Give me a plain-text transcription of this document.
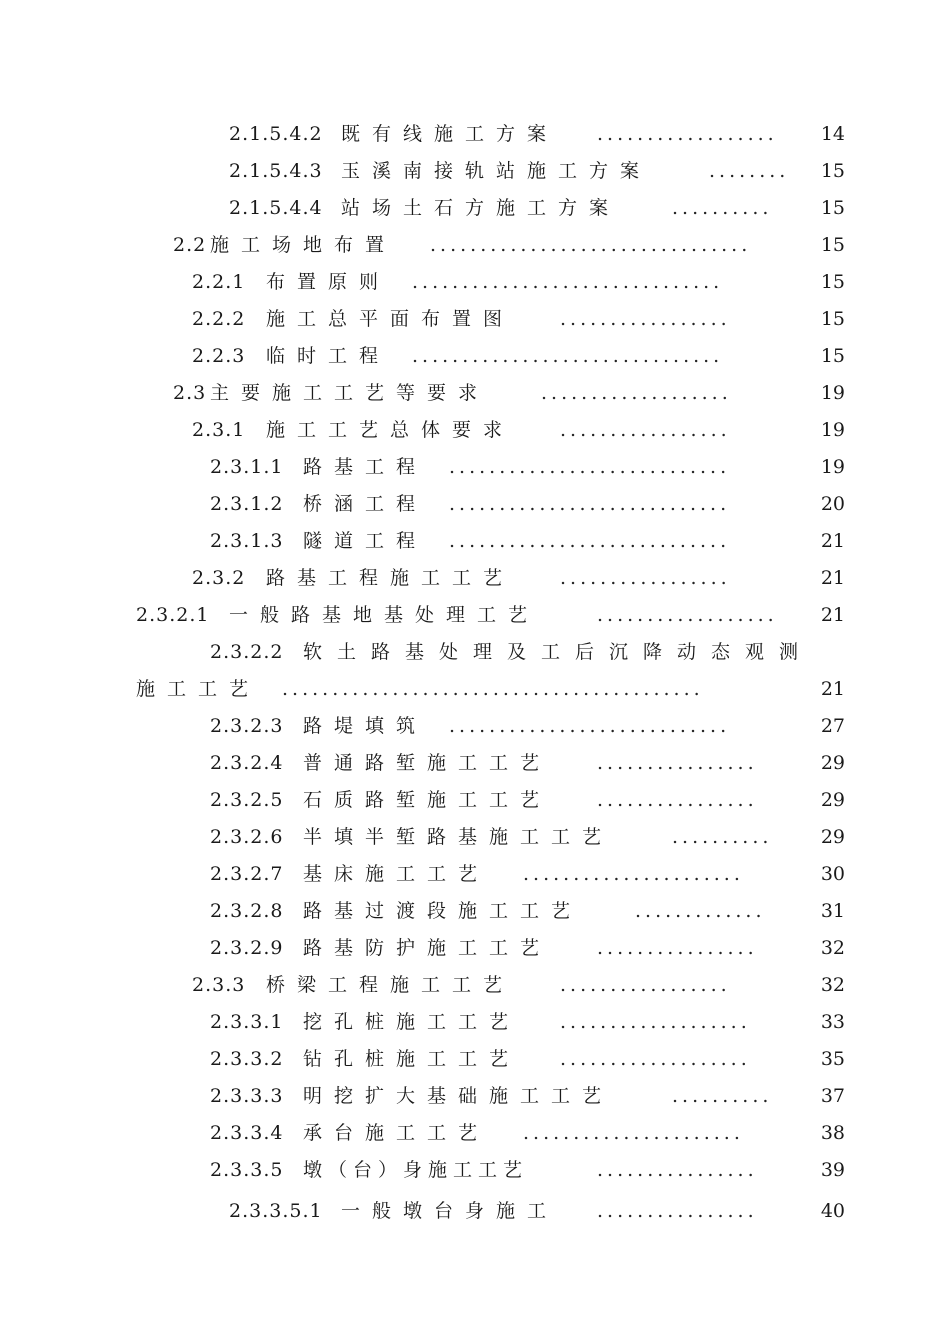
2.1.5.4.2 既有线施工方案 .................. 14
2.1.5.4.3 玉溪南接轨站施工方案	........ 15
2.1.5.4.4 站场土石方施工方案	..........	15
2.2 施工场地布置 ................................	15
2.2.1 布置原则 ...............................	15
2.2.2 施工总平面布置图 .................	15
2.2.3 临时工程 ...............................	15
2.3 主要施工工艺等要求	...................	19
2.3.1 施工工艺总体要求 .................	19
2.3.1.1 路基工程 ............................	19
2.3.1.2 桥涵工程 ............................	20
2.3.1.3 隧道工程 ............................	21
2.3.2 路基工程施工工艺 .................	21
2.3.2.1 一般路基地基处理工艺	.................. 21
2.3.2.2 软土路基处理及工后沉降动态观测
施工工艺 ..........................................	21
2.3.2.3 路堤填筑 ............................	27
2.3.2.4 普通路堑施工工艺 ................	29
2.3.2.5 石质路堑施工工艺 ................	29
2.3.2.6 半填半堑路基施工工艺	..........	29
2.3.2.7 基床施工工艺 ......................	30
2.3.2.8 路基过渡段施工工艺	.............	31
2.3.2.9 路基防护施工工艺 ................	32
2.3.3 桥梁工程施工工艺 .................	32
2.3.3.1 挖孔桩施工工艺 ...................	33
2.3.3.2 钻孔桩施工工艺 ...................	35
2.3.3.3 明挖扩大基础施工工艺	..........	37
2.3.3.4 承台施工工艺 ......................	38
2.3.3.5 墩（台）身施工工艺	................	39
2.3.3.5.1 一般墩台身施工 ................	40
